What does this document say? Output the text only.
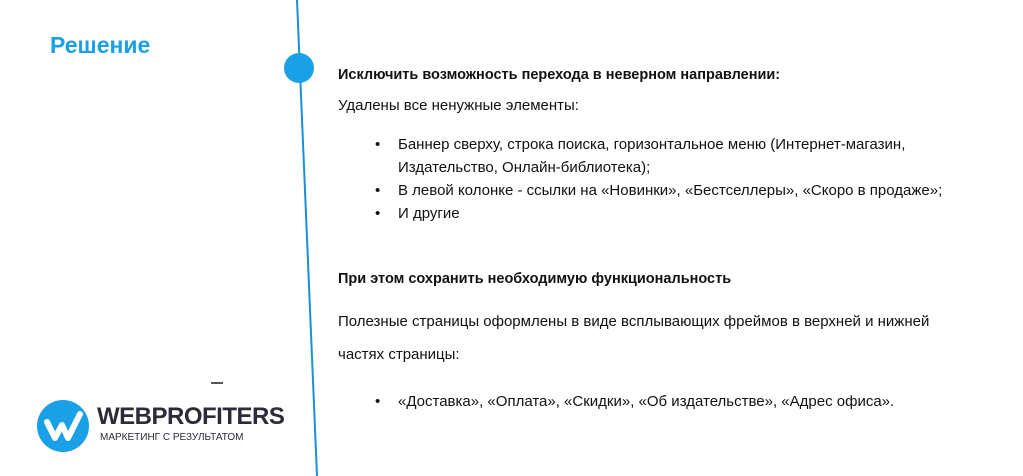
Решение
Исключить возможность перехода в неверном направлении:
Удалены все ненужные элементы:
• Баннер сверху, строка поиска, горизонтальное меню (Интернет-магазин,
Издательство, Онлайн-библиотека);
• В левой колонке - ссылки на «Новинки», «Бестселлеры», «Скоро в продаже»;
• И другие
При этом сохранить необходимую функциональность
Полезные страницы оформлены в виде всплывающих фреймов в верхней и нижней
частях страницы:
• «Доставка», «Оплата», «Скидки», «Об издательстве», «Адрес офиса».
WEBPROFITERS
МАРКЕТИНГ С РЕЗУЛЬТАТОМ
